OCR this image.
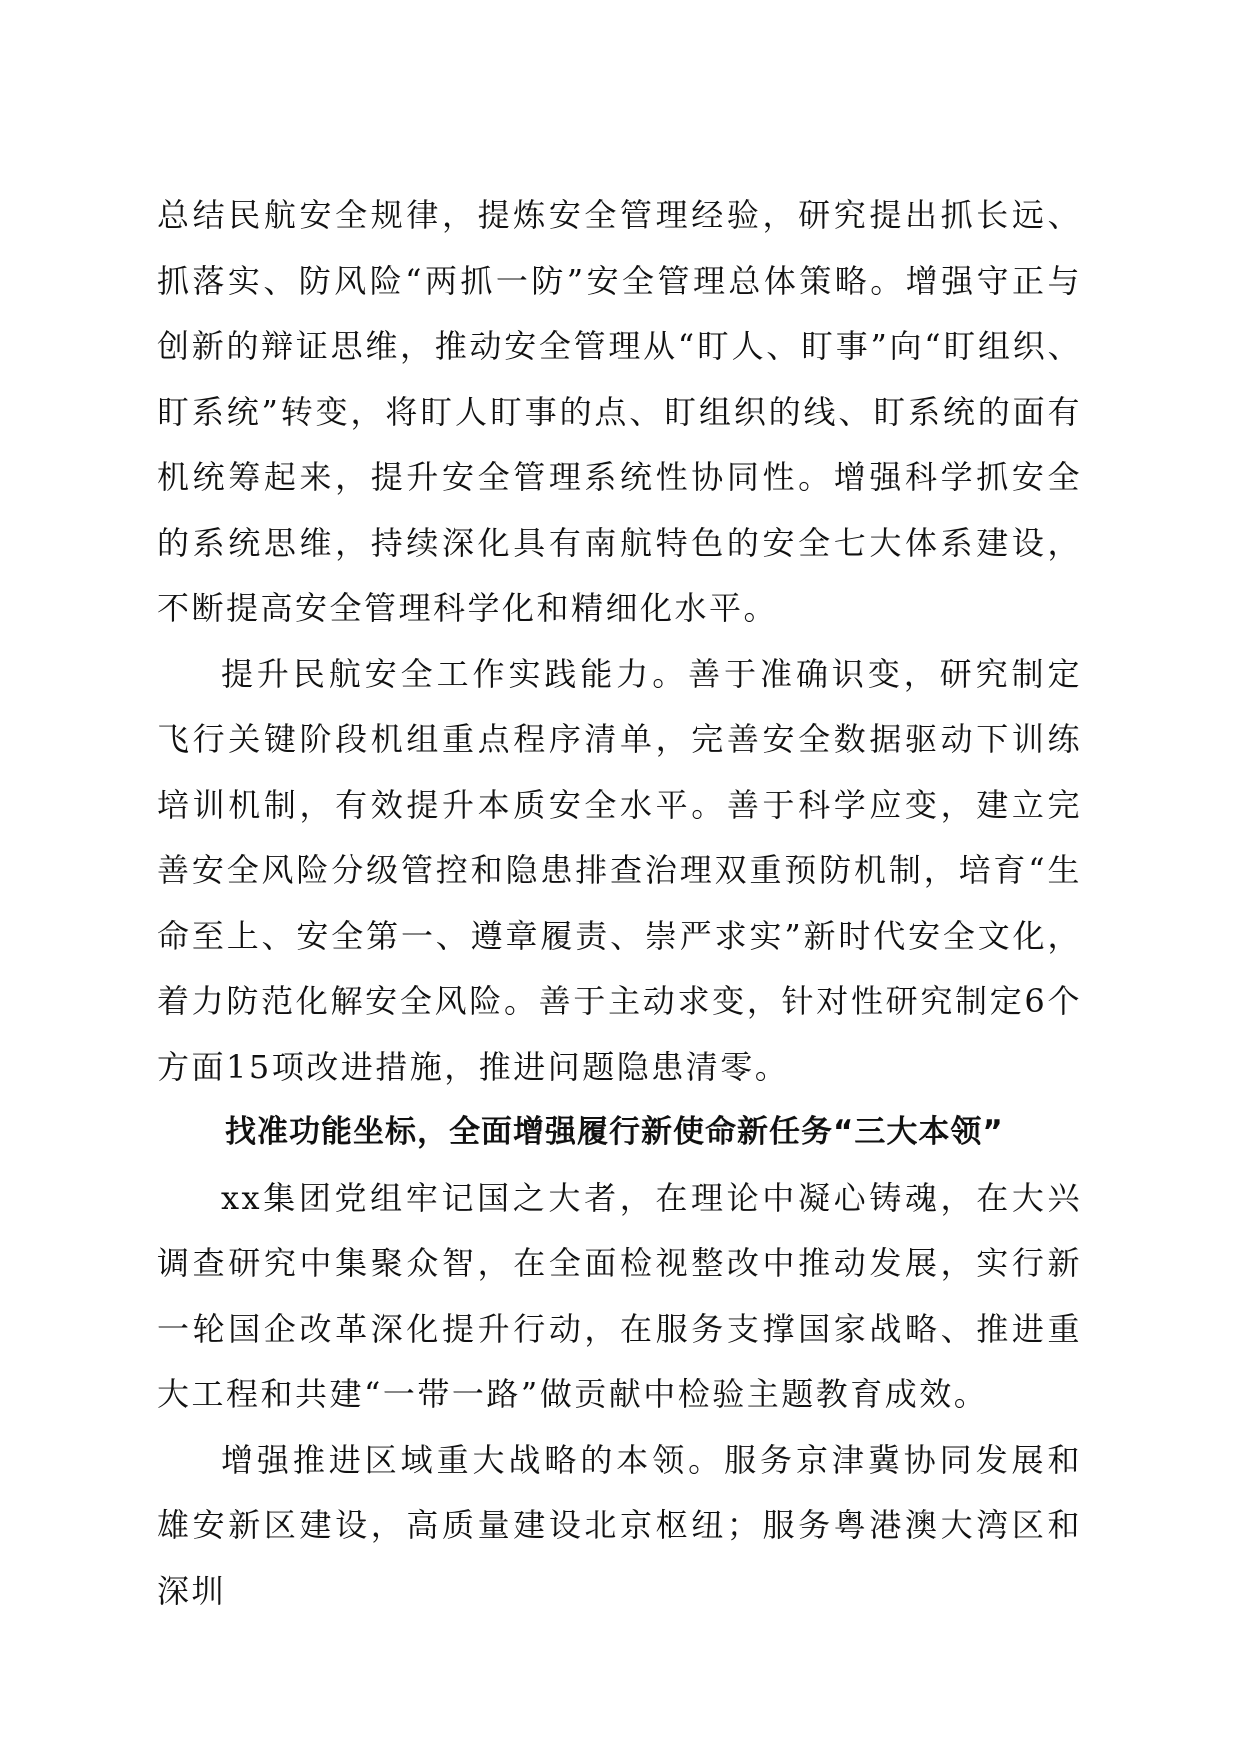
总结民航安全规律，提炼安全管理经验，研究提出抓长远、抓落实、防风险“两抓一防”安全管理总体策略。增强守正与创新的辩证思维，推动安全管理从“盯人、盯事”向“盯组织、盯系统”转变，将盯人盯事的点、盯组织的线、盯系统的面有机统筹起来，提升安全管理系统性协同性。增强科学抓安全的系统思维，持续深化具有南航特色的安全七大体系建设，不断提高安全管理科学化和精细化水平。

提升民航安全工作实践能力。善于准确识变，研究制定飞行关键阶段机组重点程序清单，完善安全数据驱动下训练培训机制，有效提升本质安全水平。善于科学应变，建立完善安全风险分级管控和隐患排查治理双重预防机制，培育“生命至上、安全第一、遵章履责、崇严求实”新时代安全文化，着力防范化解安全风险。善于主动求变，针对性研究制定6个方面15项改进措施，推进问题隐患清零。

找准功能坐标，全面增强履行新使命新任务“三大本领”

xx集团党组牢记国之大者，在理论中凝心铸魂，在大兴调查研究中集聚众智，在全面检视整改中推动发展，实行新一轮国企改革深化提升行动，在服务支撑国家战略、推进重大工程和共建“一带一路”做贡献中检验主题教育成效。

增强推进区域重大战略的本领。服务京津冀协同发展和雄安新区建设，高质量建设北京枢纽；服务粤港澳大湾区和深圳
